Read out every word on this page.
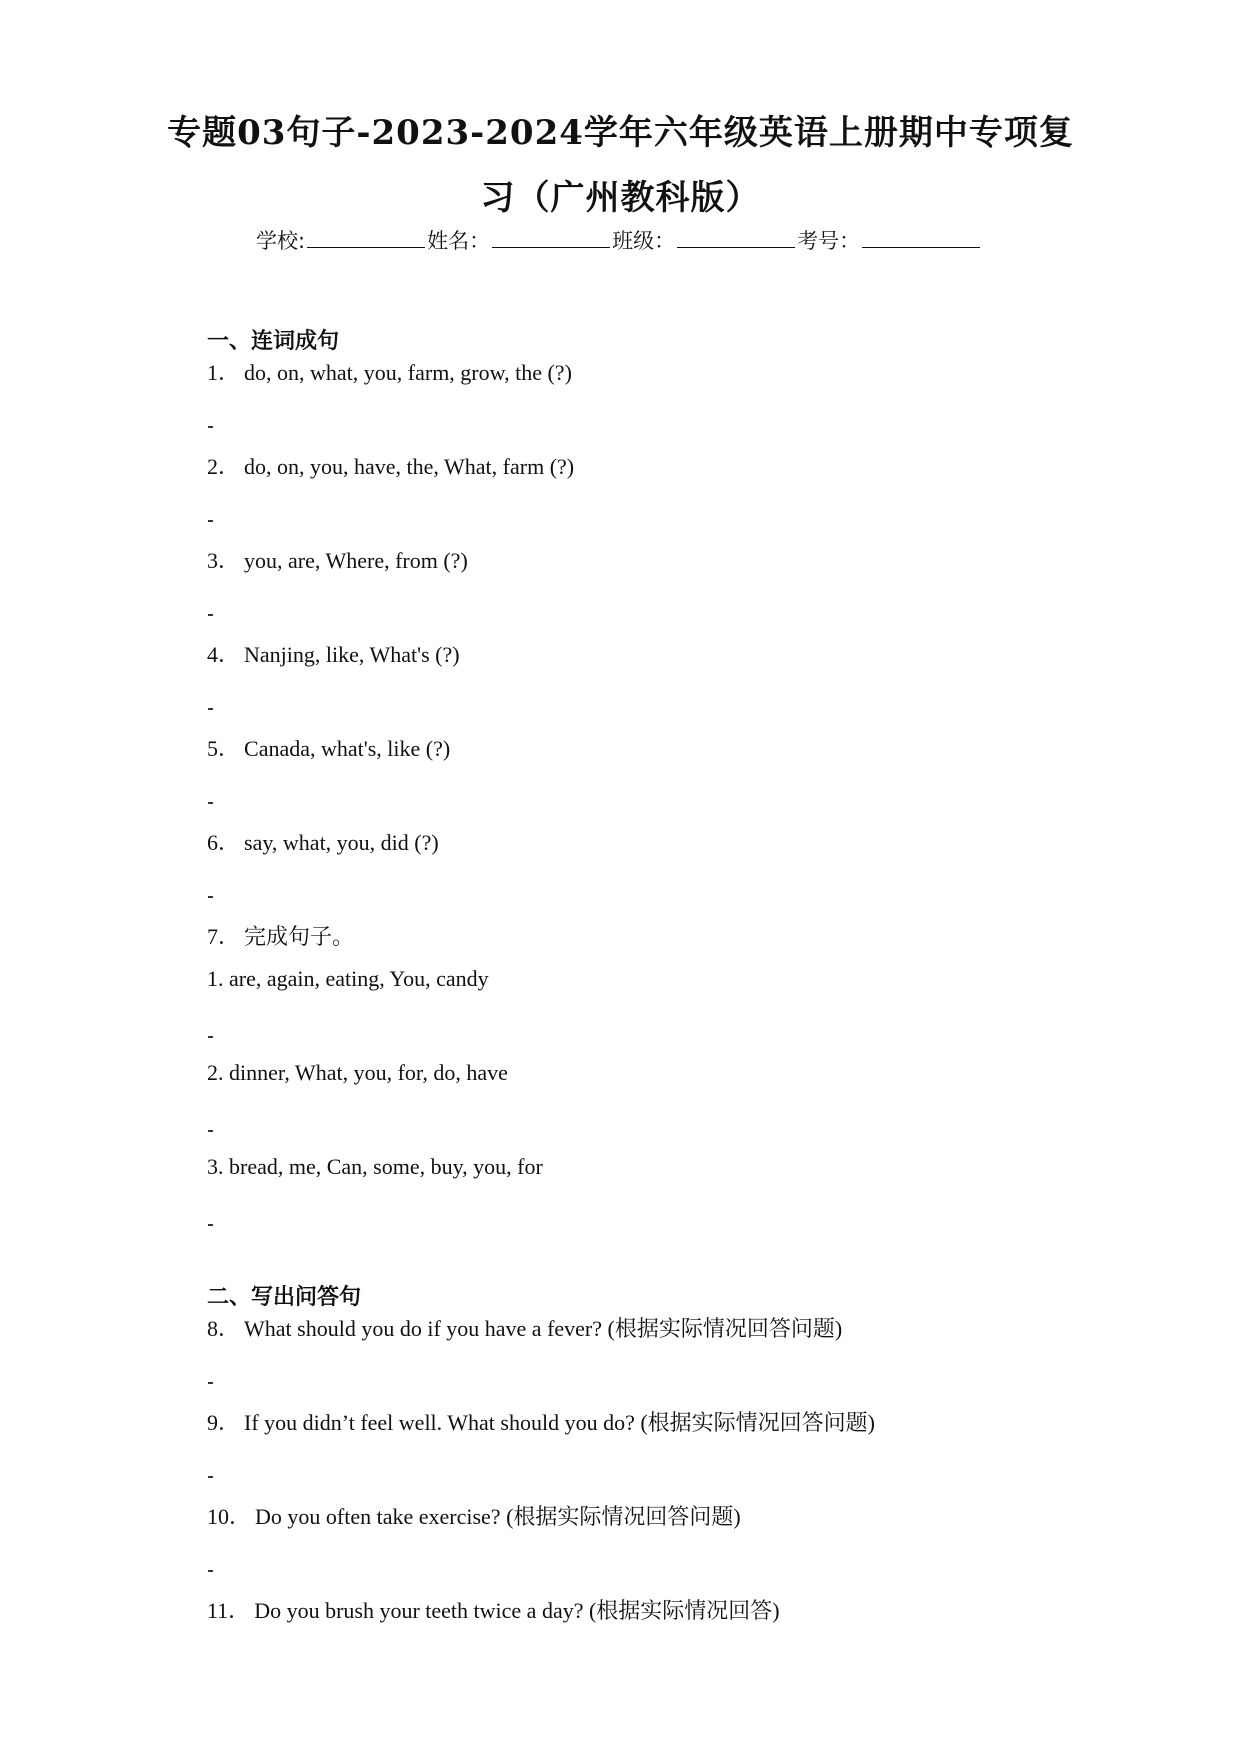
专题03句子-2023-2024学年六年级英语上册期中专项复
习（广州教科版）
学校:	姓名：	班级：	考号：
一、连词成句
1． do, on, what, you, farm, grow, the (?)
2． do, on, you, have, the, What, farm (?)
3． you, are, Where, from (?)
4． Nanjing, like, What's (?)
5． Canada, what's, like (?)
6． say, what, you, did (?)
7． 完成句子。
1. are, again, eating, You, candy
2. dinner, What, you, for, do, have
3. bread, me, Can, some, buy, you, for
二、写出问答句
8． What should you do if you have a fever? (根据实际情况回答问题)
9． If you didn’t feel well. What should you do? (根据实际情况回答问题)
10． Do you often take exercise? (根据实际情况回答问题)
11． Do you brush your teeth twice a day? (根据实际情况回答)
